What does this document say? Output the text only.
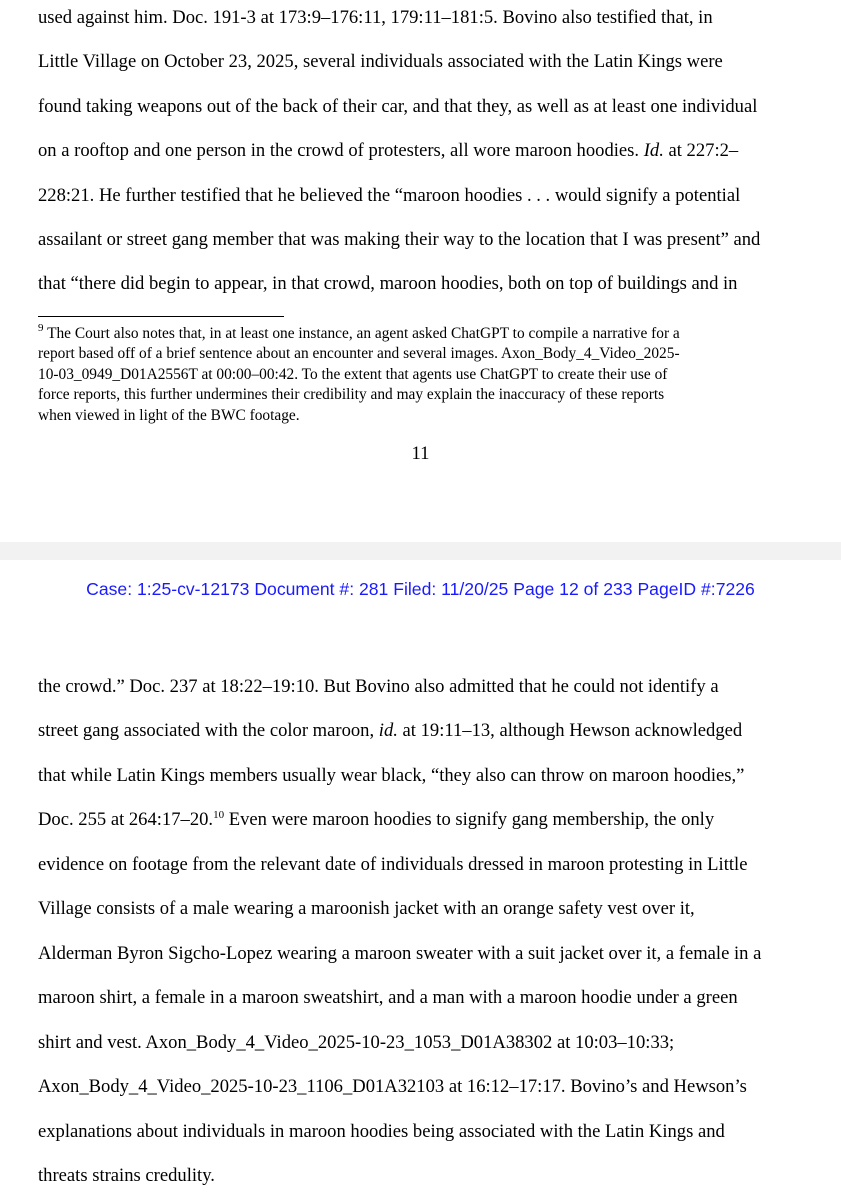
used against him. Doc. 191-3 at 173:9–176:11, 179:11–181:5. Bovino also testified that, in
Little Village on October 23, 2025, several individuals associated with the Latin Kings were
found taking weapons out of the back of their car, and that they, as well as at least one individual
on a rooftop and one person in the crowd of protesters, all wore maroon hoodies. Id. at 227:2–
228:21. He further testified that he believed the “maroon hoodies . . . would signify a potential
assailant or street gang member that was making their way to the location that I was present” and
that “there did begin to appear, in that crowd, maroon hoodies, both on top of buildings and in
$^9$ The Court also notes that, in at least one instance, an agent asked ChatGPT to compile a narrative for a
report based off of a brief sentence about an encounter and several images. Axon_Body_4_Video_2025-
10-03_0949_D01A2556T at 00:00–00:42. To the extent that agents use ChatGPT to create their use of
force reports, this further undermines their credibility and may explain the inaccuracy of these reports
when viewed in light of the BWC footage.
11
Case: 1:25-cv-12173 Document #: 281 Filed: 11/20/25 Page 12 of 233 PageID #:7226
the crowd.” Doc. 237 at 18:22–19:10. But Bovino also admitted that he could not identify a
street gang associated with the color maroon, id. at 19:11–13, although Hewson acknowledged
that while Latin Kings members usually wear black, “they also can throw on maroon hoodies,”
Doc. 255 at 264:17–20.10 Even were maroon hoodies to signify gang membership, the only
evidence on footage from the relevant date of individuals dressed in maroon protesting in Little
Village consists of a male wearing a maroonish jacket with an orange safety vest over it,
Alderman Byron Sigcho-Lopez wearing a maroon sweater with a suit jacket over it, a female in a
maroon shirt, a female in a maroon sweatshirt, and a man with a maroon hoodie under a green
shirt and vest. Axon_Body_4_Video_2025-10-23_1053_D01A38302 at 10:03–10:33;
Axon_Body_4_Video_2025-10-23_1106_D01A32103 at 16:12–17:17. Bovino’s and Hewson’s
explanations about individuals in maroon hoodies being associated with the Latin Kings and
threats strains credulity.
